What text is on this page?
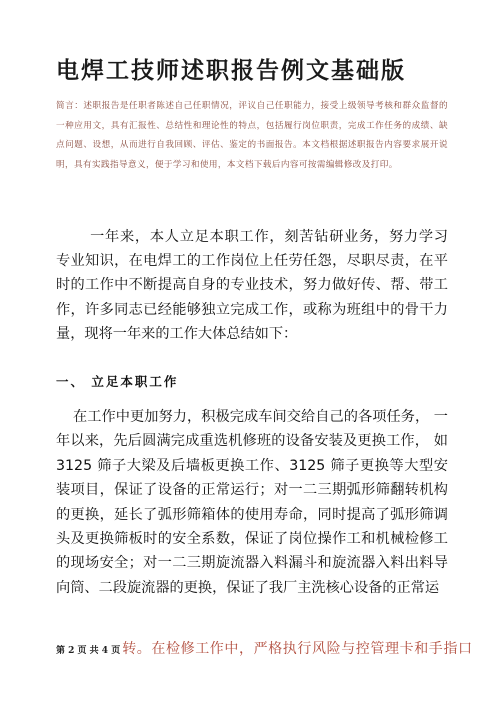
电焊工技师述职报告例文基础版

简言：述职报告是任职者陈述自己任职情况，评议自己任职能力，接受上级领导考核和群众监督的一种应用文，具有汇报性、总结性和理论性的特点，包括履行岗位职责，完成工作任务的成绩、缺点问题、设想，从而进行自我回顾、评估、鉴定的书面报告。本文档根据述职报告内容要求展开说明，具有实践指导意义，便于学习和使用，本文档下载后内容可按需编辑修改及打印。

一年来，本人立足本职工作，刻苦钻研业务，努力学习 专业知识，在电焊工的工作岗位上任劳任怨，尽职尽责，在平 时的工作中不断提高自身的专业技术，努力做好传、帮、带工 作，许多同志已经能够独立完成工作，或称为班组中的骨干力 量，现将一年来的工作大体总结如下：

一、 立足本职工作

在工作中更加努力，积极完成车间交给自己的各项任务， 一年以来，先后圆满完成重选机修班的设备安装及更换工作， 如 3125 筛子大梁及后墙板更换工作、3125 筛子更换等大型安 装项目，保证了设备的正常运行；对一二三期弧形筛翻转机构 的更换，延长了弧形筛箱体的使用寿命，同时提高了弧形筛调 头及更换筛板时的安全系数，保证了岗位操作工和机械检修工 的现场安全；对一二三期旋流器入料漏斗和旋流器入料出料导 向筒、二段旋流器的更换，保证了我厂主洗核心设备的正常运

第 2 页 共 4 页 转。在检修工作中，严格执行风险与控管理卡和手指口
